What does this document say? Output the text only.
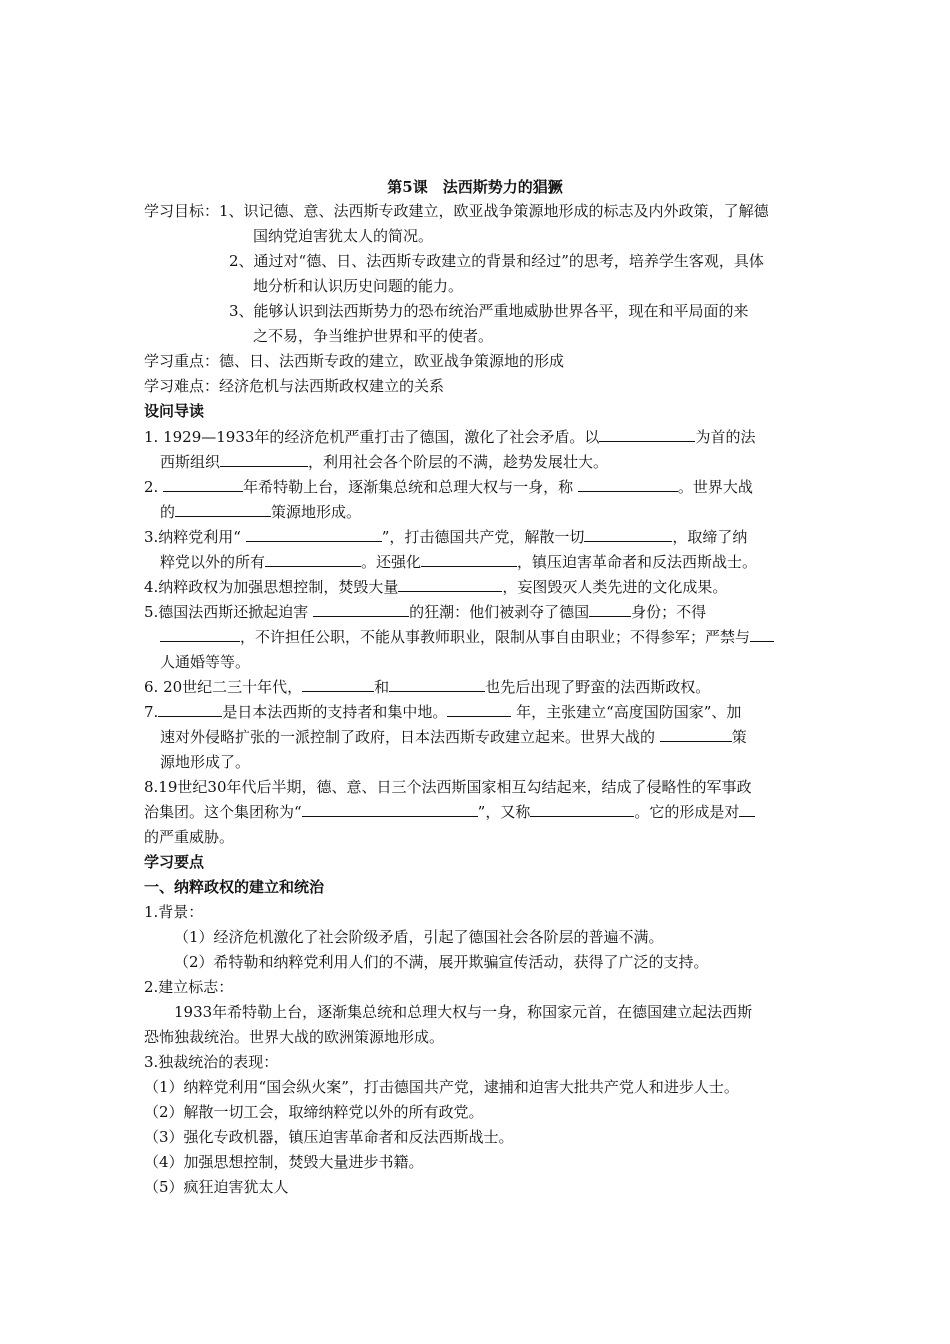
第5课　法西斯势力的猖獗
学习目标：1、识记德、意、法西斯专政建立，欧亚战争策源地形成的标志及内外政策，了解德
国纳党迫害犹太人的简况。
2、通过对“德、日、法西斯专政建立的背景和经过”的思考，培养学生客观，具体
地分析和认识历史问题的能力。
3、能够认识到法西斯势力的恐布统治严重地威胁世界各平，现在和平局面的来
之不易，争当维护世界和平的使者。
学习重点：德、日、法西斯专政的建立，欧亚战争策源地的形成
学习难点：经济危机与法西斯政权建立的关系
设问导读
1. 1929—1933年的经济危机严重打击了德国，激化了社会矛盾。以	为首的法
西斯组织	，利用社会各个阶层的不满，趁势发展壮大。
2.	年希特勒上台，逐渐集总统和总理大权与一身，称	。世界大战
的	策源地形成。
3.纳粹党利用“	”，打击德国共产党，解散一切	，取缔了纳
粹党以外的所有	。还强化	，镇压迫害革命者和反法西斯战士。
4.纳粹政权为加强思想控制，焚毁大量	，妄图毁灭人类先进的文化成果。
5.德国法西斯还掀起迫害	的狂潮：他们被剥夺了德国	身份；不得
，不许担任公职，不能从事教师职业，限制从事自由职业；不得参军；严禁与
人通婚等等。
6. 20世纪二三十年代，	和	也先后出现了野蛮的法西斯政权。
7.	是日本法西斯的支持者和集中地。	年，主张建立“高度国防国家”、加
速对外侵略扩张的一派控制了政府，日本法西斯专政建立起来。世界大战的	策
源地形成了。
8.19世纪30年代后半期，德、意、日三个法西斯国家相互勾结起来，结成了侵略性的军事政
治集团。这个集团称为“	”，又称	。它的形成是对
的严重威胁。
学习要点
一、纳粹政权的建立和统治
1.背景：
（1）经济危机激化了社会阶级矛盾，引起了德国社会各阶层的普遍不满。
（2）希特勒和纳粹党利用人们的不满，展开欺骗宣传活动，获得了广泛的支持。
2.建立标志：
1933年希特勒上台，逐渐集总统和总理大权与一身，称国家元首，在德国建立起法西斯
恐怖独裁统治。世界大战的欧洲策源地形成。
3.独裁统治的表现：
（1）纳粹党利用“国会纵火案”，打击德国共产党，逮捕和迫害大批共产党人和进步人士。
（2）解散一切工会，取缔纳粹党以外的所有政党。
（3）强化专政机器，镇压迫害革命者和反法西斯战士。
（4）加强思想控制，焚毁大量进步书籍。
（5）疯狂迫害犹太人
